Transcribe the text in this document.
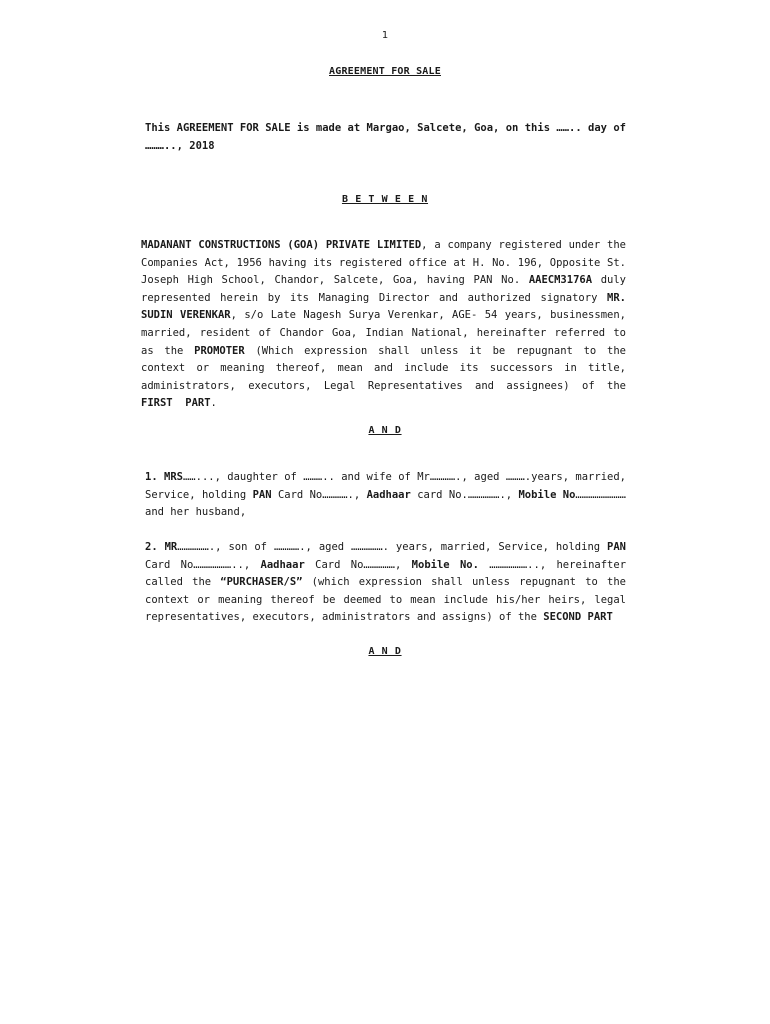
1
AGREEMENT FOR SALE
This AGREEMENT FOR SALE is made at Margao, Salcete, Goa, on this …….. day of ……….., 2018
B E T W E E N
MADANANT CONSTRUCTIONS (GOA) PRIVATE LIMITED, a company registered under the Companies Act, 1956 having its registered office at H. No. 196, Opposite St. Joseph High School, Chandor, Salcete, Goa, having PAN No. AAECM3176A duly represented herein by its Managing Director and authorized signatory MR. SUDIN VERENKAR, s/o Late Nagesh Surya Verenkar, AGE- 54 years, businessmen, married, resident of Chandor Goa, Indian National, hereinafter referred to as the PROMOTER (Which expression shall unless it be repugnant to the context or meaning thereof, mean and include its successors in title, administrators, executors, Legal Representatives and assignees) of the FIRST  PART.
A N D
1. MRS……..., daughter of ……….. and wife of Mr…………., aged ……….years, married, Service, holding PAN Card No…………., Aadhaar card No.……………., Mobile No…………………… and her husband,
2. MR……………., son of …………., aged ……………. years, married, Service, holding PAN Card No……………….., Aadhaar Card No……………, Mobile No. ……………….., hereinafter called the “PURCHASER/S” (which expression shall unless repugnant to the context or meaning thereof be deemed to mean include his/her heirs, legal representatives, executors, administrators and assigns) of the SECOND PART
A N D
